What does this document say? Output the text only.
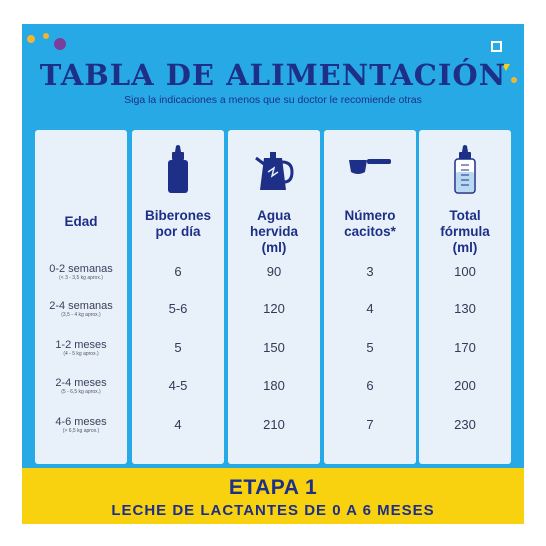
TABLA DE ALIMENTACIÓN
Siga la indicaciones a menos que su doctor le recomiende otras
Edad
0-2 semanas
(< 3 - 3,5 kg aprox.)
2-4 semanas
(3,5 - 4 kg aprox.)
1-2 meses
(4 - 5 kg aprox.)
2-4 meses
(5 - 6,5 kg aprox.)
4-6 meses
(> 6,5 kg aprox.)
Biberones
por día
6
5-6
5
4-5
4
Agua
hervida
(ml)
90
120
150
180
210
Número
cacitos*
3
4
5
6
7
Total
fórmula
(ml)
100
130
170
200
230
ETAPA 1
LECHE DE LACTANTES DE 0 A 6 MESES
